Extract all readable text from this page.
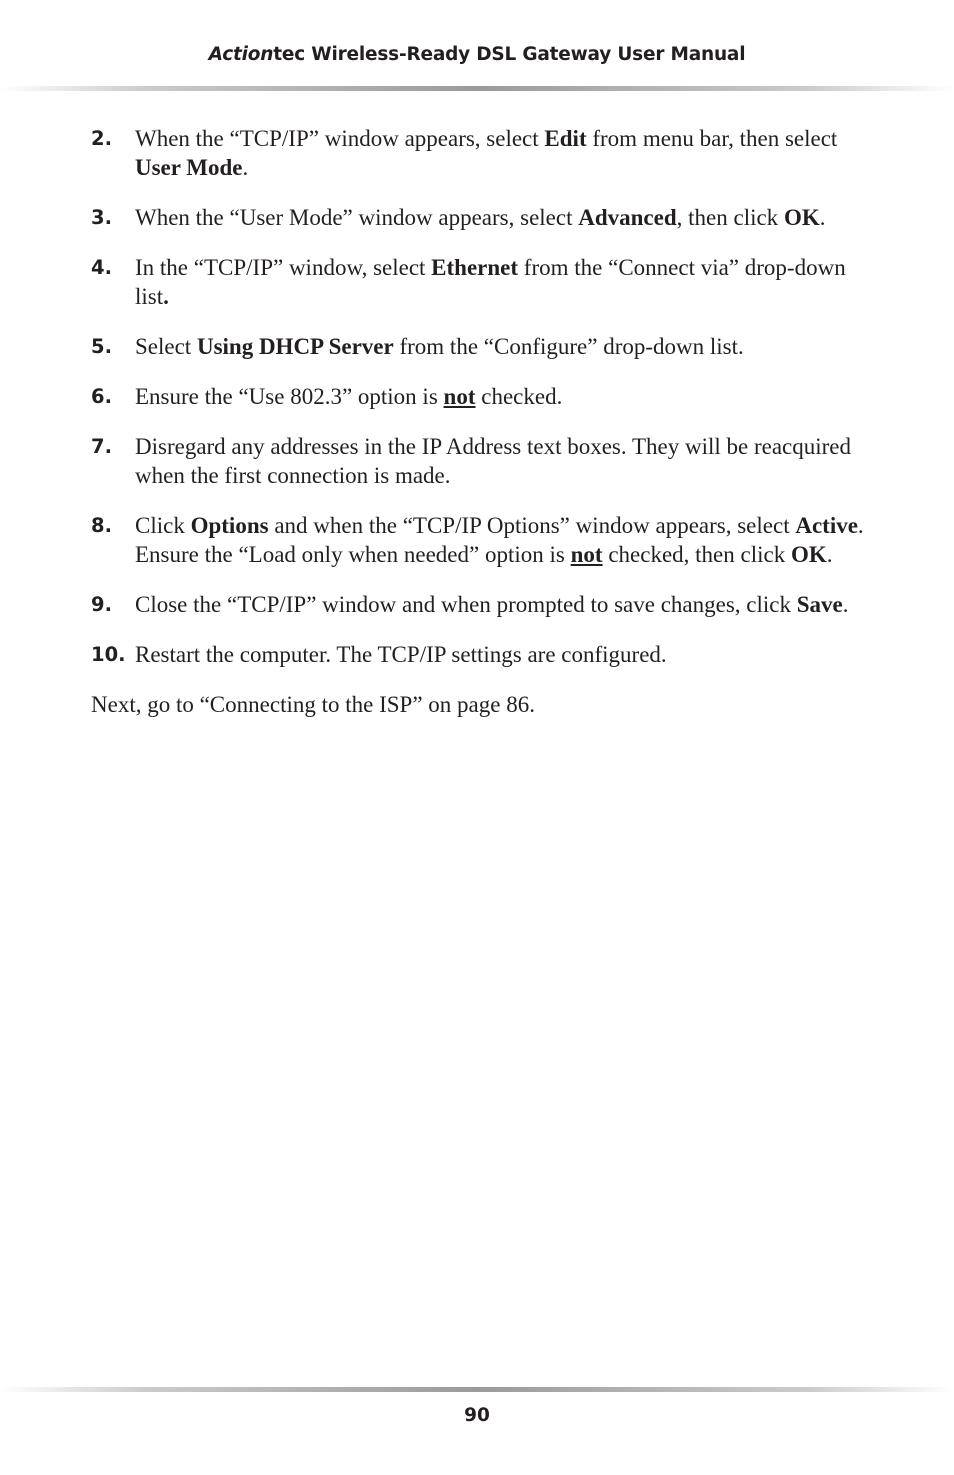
Actiontec Wireless-Ready DSL Gateway User Manual
2.	When the “TCP/IP” window appears, select Edit from menu bar, then select User Mode.
3.	When the “User Mode” window appears, select Advanced, then click OK.
4.	In the “TCP/IP” window, select Ethernet from the “Connect via” drop-down list.
5.	Select Using DHCP Server from the “Configure” drop-down list.
6.	Ensure the “Use 802.3” option is not checked.
7.	Disregard any addresses in the IP Address text boxes. They will be reacquired when the first connection is made.
8.	Click Options and when the “TCP/IP Options” window appears, select Active. Ensure the “Load only when needed” option is not checked, then click OK.
9.	Close the “TCP/IP” window and when prompted to save changes, click Save.
10. Restart the computer. The TCP/IP settings are configured.
Next, go to “Connecting to the ISP” on page 86.
90
